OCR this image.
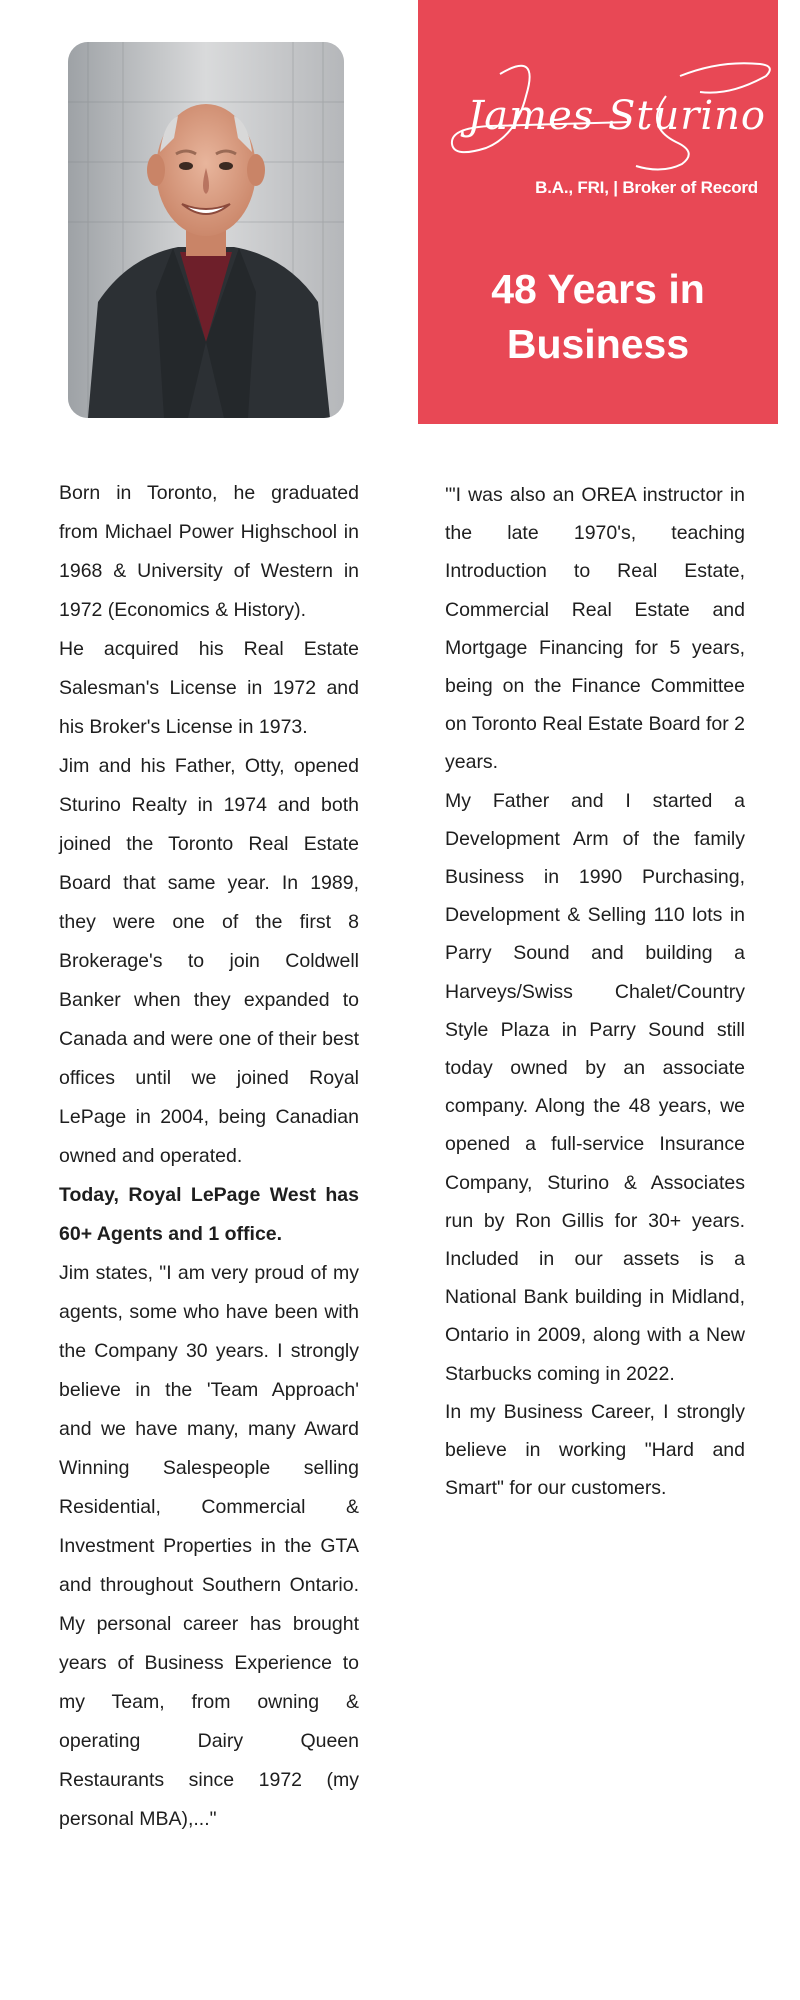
James Sturino
B.A., FRI, | Broker of Record
48 Years in
Business

Born in Toronto, he graduated from Michael Power Highschool in 1968 & University of Western in 1972 (Economics & History).

He acquired his Real Estate Salesman's License in 1972 and his Broker's License in 1973.

Jim and his Father, Otty, opened Sturino Realty in 1974 and both joined the Toronto Real Estate Board that same year. In 1989, they were one of the first 8 Brokerage's to join Coldwell Banker when they expanded to Canada and were one of their best offices until we joined Royal LePage in 2004, being Canadian owned and operated.

Today, Royal LePage West has 60+ Agents and 1 office.

Jim states, "I am very proud of my agents, some who have been with the Company 30 years. I strongly believe in the 'Team Approach' and we have many, many Award Winning Salespeople selling Residential, Commercial & Investment Properties in the GTA and throughout Southern Ontario. My personal career has brought years of Business Experience to my Team, from owning & operating Dairy Queen Restaurants since 1972 (my personal MBA),..."

'"I was also an OREA instructor in the late 1970's, teaching Introduction to Real Estate, Commercial Real Estate and Mortgage Financing for 5 years, being on the Finance Committee on Toronto Real Estate Board for 2 years.

My Father and I started a Development Arm of the family Business in 1990 Purchasing, Development & Selling 110 lots in Parry Sound and building a Harveys/Swiss Chalet/Country Style Plaza in Parry Sound still today owned by an associate company. Along the 48 years, we opened a full-service Insurance Company, Sturino & Associates run by Ron Gillis for 30+ years. Included in our assets is a National Bank building in Midland, Ontario in 2009, along with a New Starbucks coming in 2022.

In my Business Career, I strongly believe in working "Hard and Smart" for our customers.
